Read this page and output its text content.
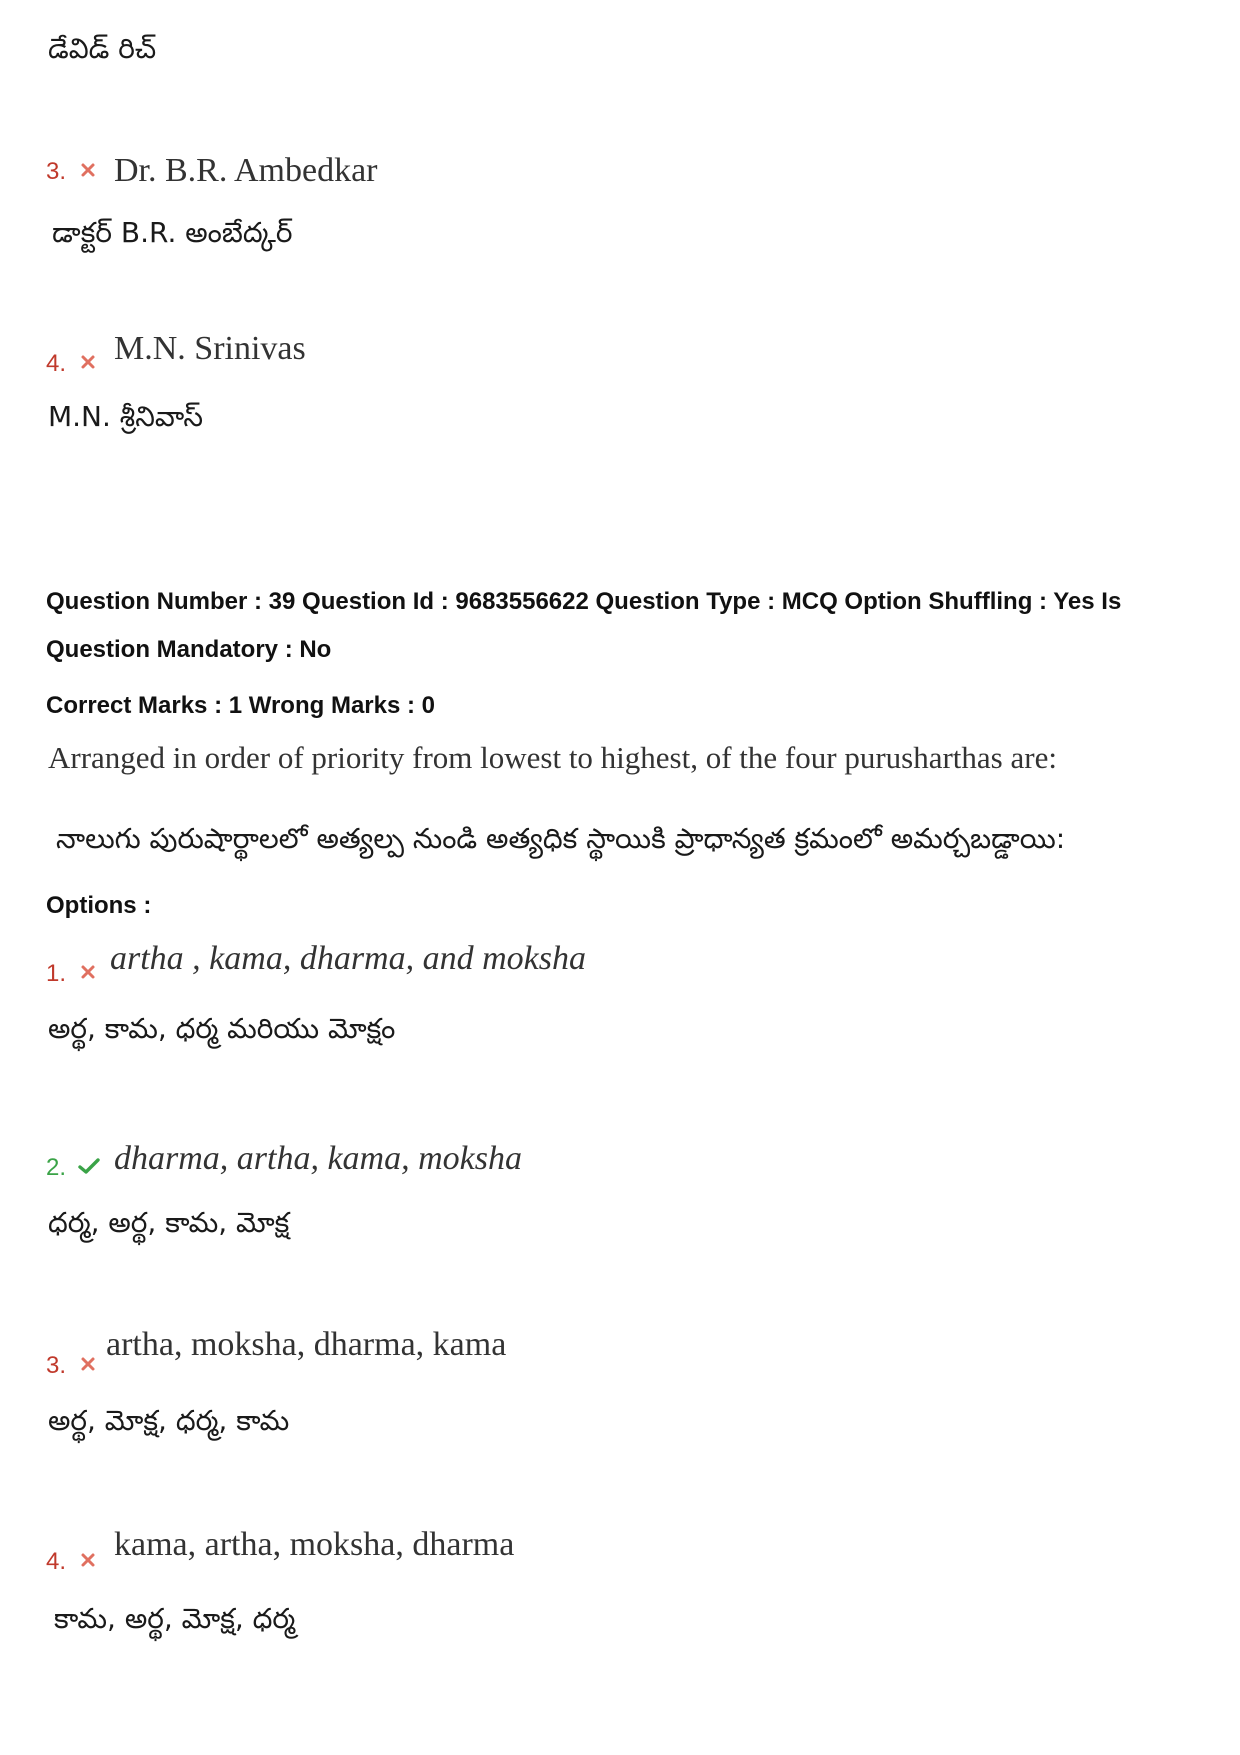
డేవిడ్ రిచ్
3.	Dr. B.R. Ambedkar
డాక్టర్ B.R. అంబేద్కర్
4.	M.N. Srinivas
M.N. శ్రీనివాస్
Question Number : 39 Question Id : 9683556622 Question Type : MCQ Option Shuffling : Yes Is
Question Mandatory : No
Correct Marks : 1 Wrong Marks : 0
Arranged in order of priority from lowest to highest, of the four purusharthas are:
నాలుగు పురుషార్థాలలో అత్యల్ప నుండి అత్యధిక స్థాయికి ప్రాధాన్యత క్రమంలో అమర్చబడ్డాయి:
Options :
1.	artha , kama, dharma, and moksha
అర్థ, కామ, ధర్మ మరియు మోక్షం
2.	dharma, artha, kama, moksha
ధర్మ, అర్థ, కామ, మోక్ష
3.
artha, moksha, dharma, kama
అర్థ, మోక్ష, ధర్మ, కామ
4.	kama, artha, moksha, dharma
కామ, అర్థ, మోక్ష, ధర్మ
